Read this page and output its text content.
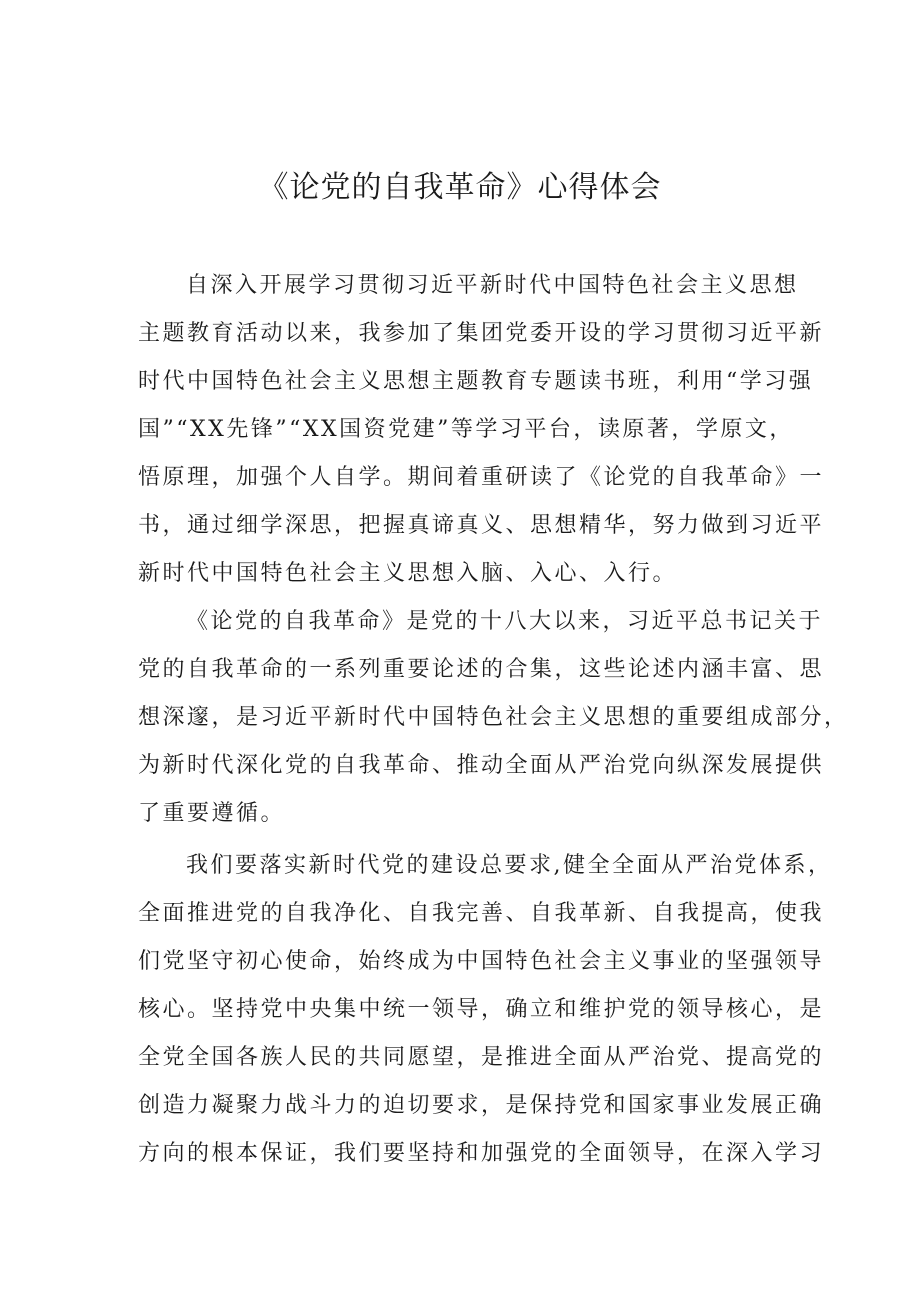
《论党的自我革命》心得体会

自深入开展学习贯彻习近平新时代中国特色社会主义思想
主题教育活动以来，我参加了集团党委开设的学习贯彻习近平新
时代中国特色社会主义思想主题教育专题读书班，利用“学习强
国”“XX先锋”“XX国资党建”等学习平台，读原著，学原文，
悟原理，加强个人自学。期间着重研读了《论党的自我革命》一
书，通过细学深思，把握真谛真义、思想精华，努力做到习近平
新时代中国特色社会主义思想入脑、入心、入行。

《论党的自我革命》是党的十八大以来，习近平总书记关于
党的自我革命的一系列重要论述的合集，这些论述内涵丰富、思
想深邃，是习近平新时代中国特色社会主义思想的重要组成部分，
为新时代深化党的自我革命、推动全面从严治党向纵深发展提供
了重要遵循。

我们要落实新时代党的建设总要求,健全全面从严治党体系，
全面推进党的自我净化、自我完善、自我革新、自我提高，使我
们党坚守初心使命，始终成为中国特色社会主义事业的坚强领导
核心。坚持党中央集中统一领导，确立和维护党的领导核心，是
全党全国各族人民的共同愿望，是推进全面从严治党、提高党的
创造力凝聚力战斗力的迫切要求，是保持党和国家事业发展正确
方向的根本保证，我们要坚持和加强党的全面领导，在深入学习
